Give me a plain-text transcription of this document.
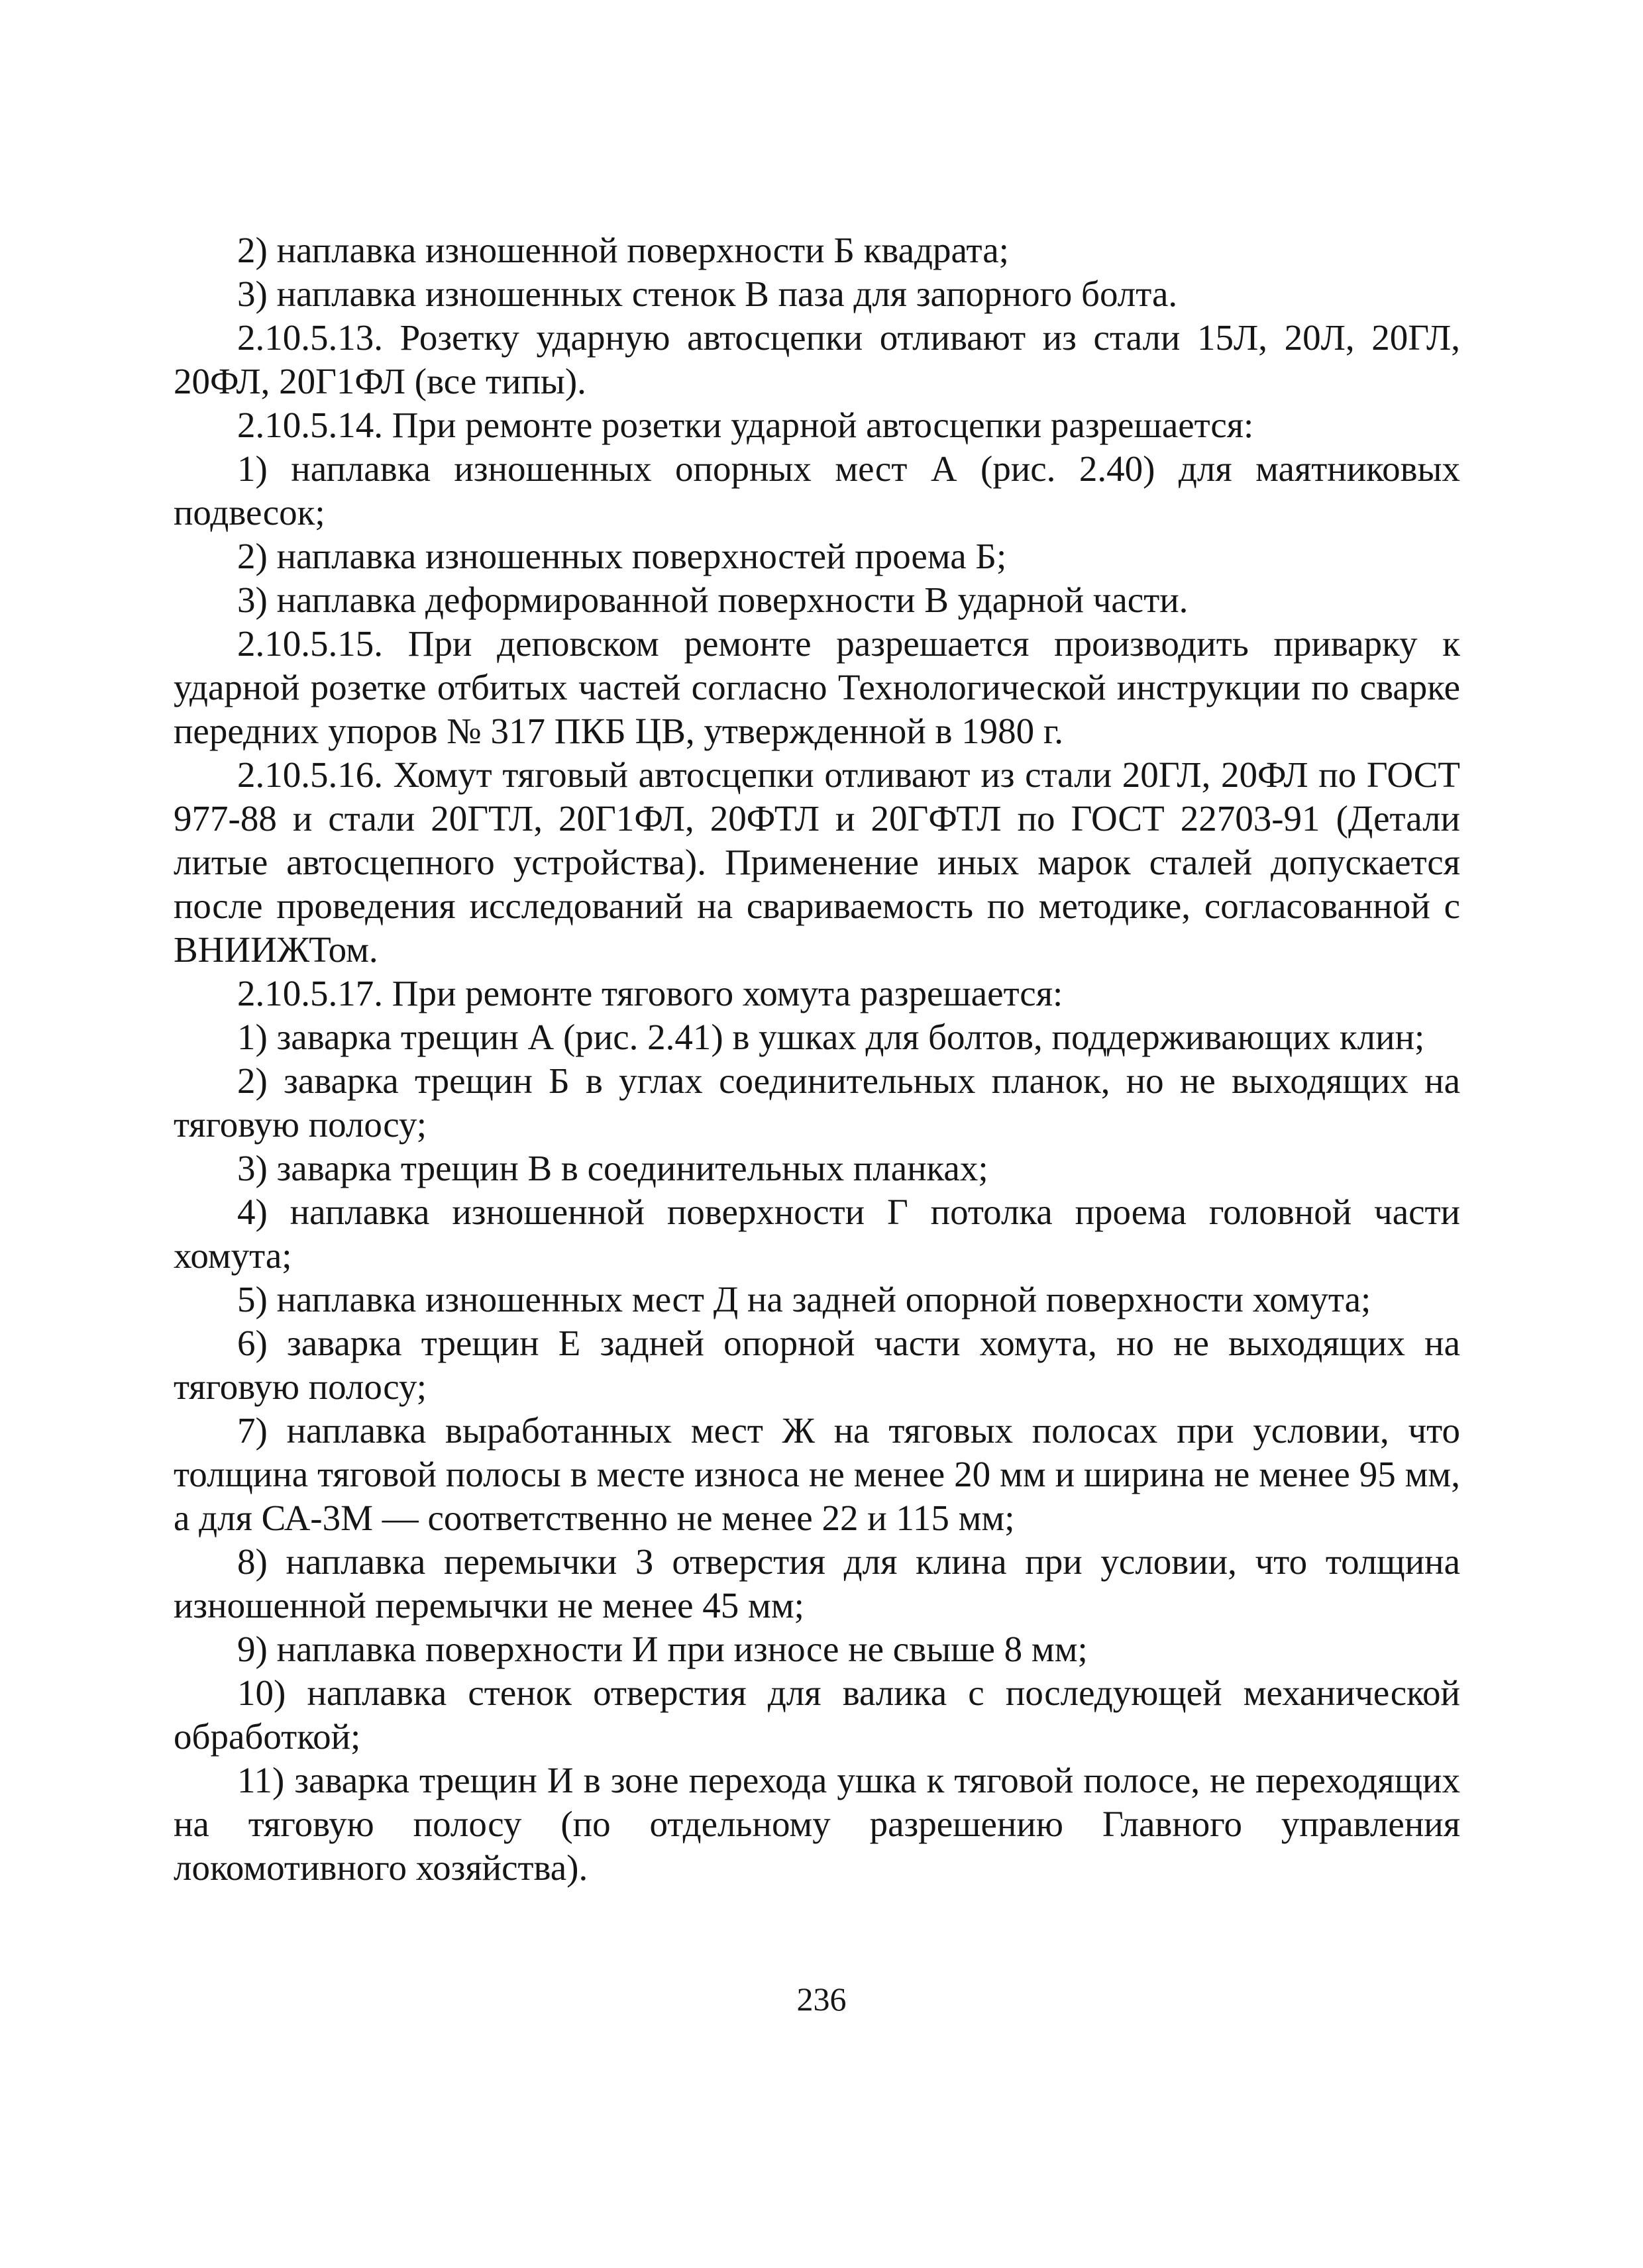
2) наплавка изношенной поверхности Б квадрата;

3) наплавка изношенных стенок В паза для запорного болта.

2.10.5.13. Розетку ударную автосцепки отливают из стали 15Л, 20Л, 20ГЛ, 20ФЛ, 20Г1ФЛ (все типы).

2.10.5.14. При ремонте розетки ударной автосцепки разрешается:

1) наплавка изношенных опорных мест А (рис. 2.40) для маятниковых подвесок;

2) наплавка изношенных поверхностей проема Б;

3) наплавка деформированной поверхности В ударной части.

2.10.5.15. При деповском ремонте разрешается производить приварку к ударной розетке отбитых частей согласно Технологической инструкции по сварке передних упоров № 317 ПКБ ЦВ, утвержденной в 1980 г.

2.10.5.16. Хомут тяговый автосцепки отливают из стали 20ГЛ, 20ФЛ по ГОСТ 977-88 и стали 20ГТЛ, 20Г1ФЛ, 20ФТЛ и 20ГФТЛ по ГОСТ 22703-91 (Детали литые автосцепного устройства). Применение иных марок сталей допускается после проведения исследований на свариваемость по методике, согласованной с ВНИИЖТом.

2.10.5.17. При ремонте тягового хомута разрешается:

1) заварка трещин А (рис. 2.41) в ушках для болтов, поддерживающих клин;

2) заварка трещин Б в углах соединительных планок, но не выходящих на тяговую полосу;

3) заварка трещин В в соединительных планках;

4) наплавка изношенной поверхности Г потолка проема головной части хомута;

5) наплавка изношенных мест Д на задней опорной поверхности хомута;

6) заварка трещин Е задней опорной части хомута, но не выходящих на тяговую полосу;

7) наплавка выработанных мест Ж на тяговых полосах при условии, что толщина тяговой полосы в месте износа не менее 20 мм и ширина не менее 95 мм, а для СА-3М — соответственно не менее 22 и 115 мм;

8) наплавка перемычки З отверстия для клина при условии, что толщина изношенной перемычки не менее 45 мм;

9) наплавка поверхности И при износе не свыше 8 мм;

10) наплавка стенок отверстия для валика с последующей механической обработкой;

11) заварка трещин И в зоне перехода ушка к тяговой полосе, не переходящих на тяговую полосу (по отдельному разрешению Главного управления локомотивного хозяйства).

236
